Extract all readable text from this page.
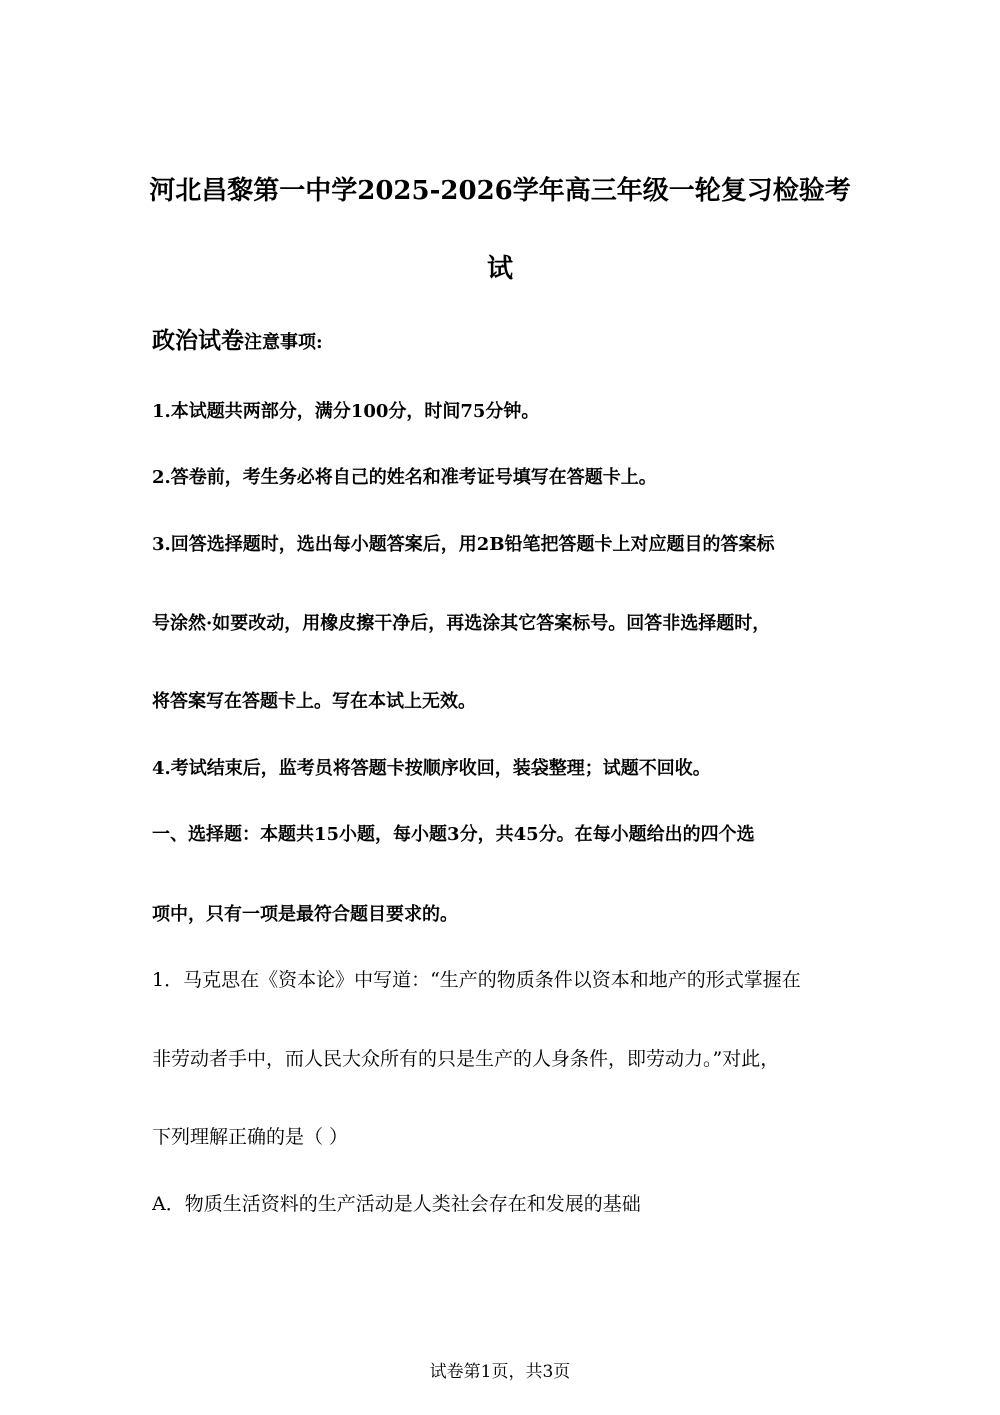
河北昌黎第一中学2025-2026学年高三年级一轮复习检验考
试
政治试卷注意事项:
1.本试题共两部分，满分100分，时间75分钟。
2.答卷前，考生务必将自己的姓名和准考证号填写在答题卡上。
3.回答选择题时，选出每小题答案后，用2B铅笔把答题卡上对应题目的答案标
号涂然·如要改动，用橡皮擦干净后，再选涂其它答案标号。回答非选择题时，
将答案写在答题卡上。写在本试上无效。
4.考试结束后，监考员将答题卡按顺序收回，装袋整理；试题不回收。
一、选择题：本题共15小题，每小题3分，共45分。在每小题给出的四个选
项中，只有一项是最符合题目要求的。
1．马克思在《资本论》中写道：“生产的物质条件以资本和地产的形式掌握在
非劳动者手中，而人民大众所有的只是生产的人身条件，即劳动力。”对此，
下列理解正确的是（ ）
A．物质生活资料的生产活动是人类社会存在和发展的基础
试卷第1页，共3页
